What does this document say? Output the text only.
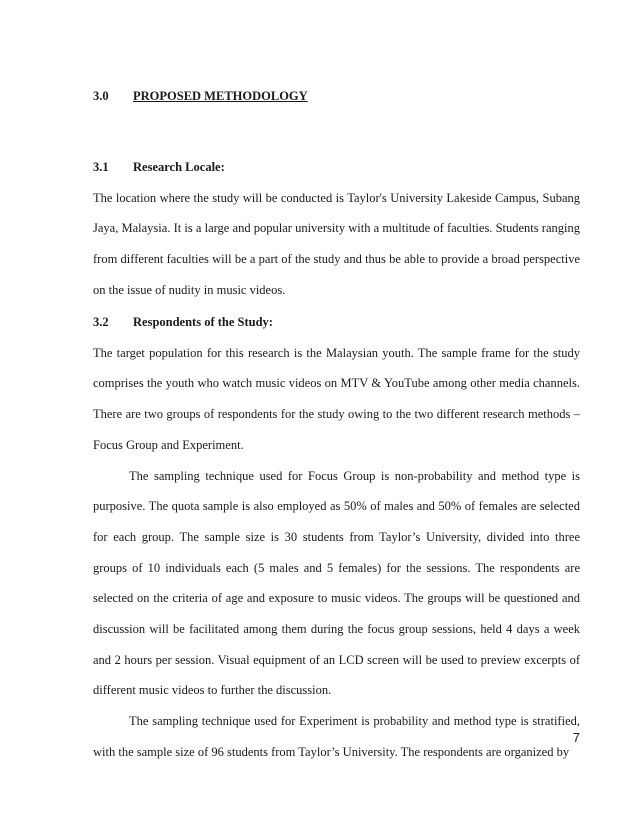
3.0 PROPOSED METHODOLOGY
3.1 Research Locale:

The location where the study will be conducted is Taylor's University Lakeside Campus, Subang Jaya, Malaysia. It is a large and popular university with a multitude of faculties. Students ranging from different faculties will be a part of the study and thus be able to provide a broad perspective on the issue of nudity in music videos.

3.2 Respondents of the Study:

The target population for this research is the Malaysian youth. The sample frame for the study comprises the youth who watch music videos on MTV & YouTube among other media channels. There are two groups of respondents for the study owing to the two different research methods – Focus Group and Experiment.

The sampling technique used for Focus Group is non-probability and method type is purposive. The quota sample is also employed as 50% of males and 50% of females are selected for each group. The sample size is 30 students from Taylor’s University, divided into three groups of 10 individuals each (5 males and 5 females) for the sessions. The respondents are selected on the criteria of age and exposure to music videos. The groups will be questioned and discussion will be facilitated among them during the focus group sessions, held 4 days a week and 2 hours per session. Visual equipment of an LCD screen will be used to preview excerpts of different music videos to further the discussion.

The sampling technique used for Experiment is probability and method type is stratified, with the sample size of 96 students from Taylor’s University. The respondents are organized by

7
